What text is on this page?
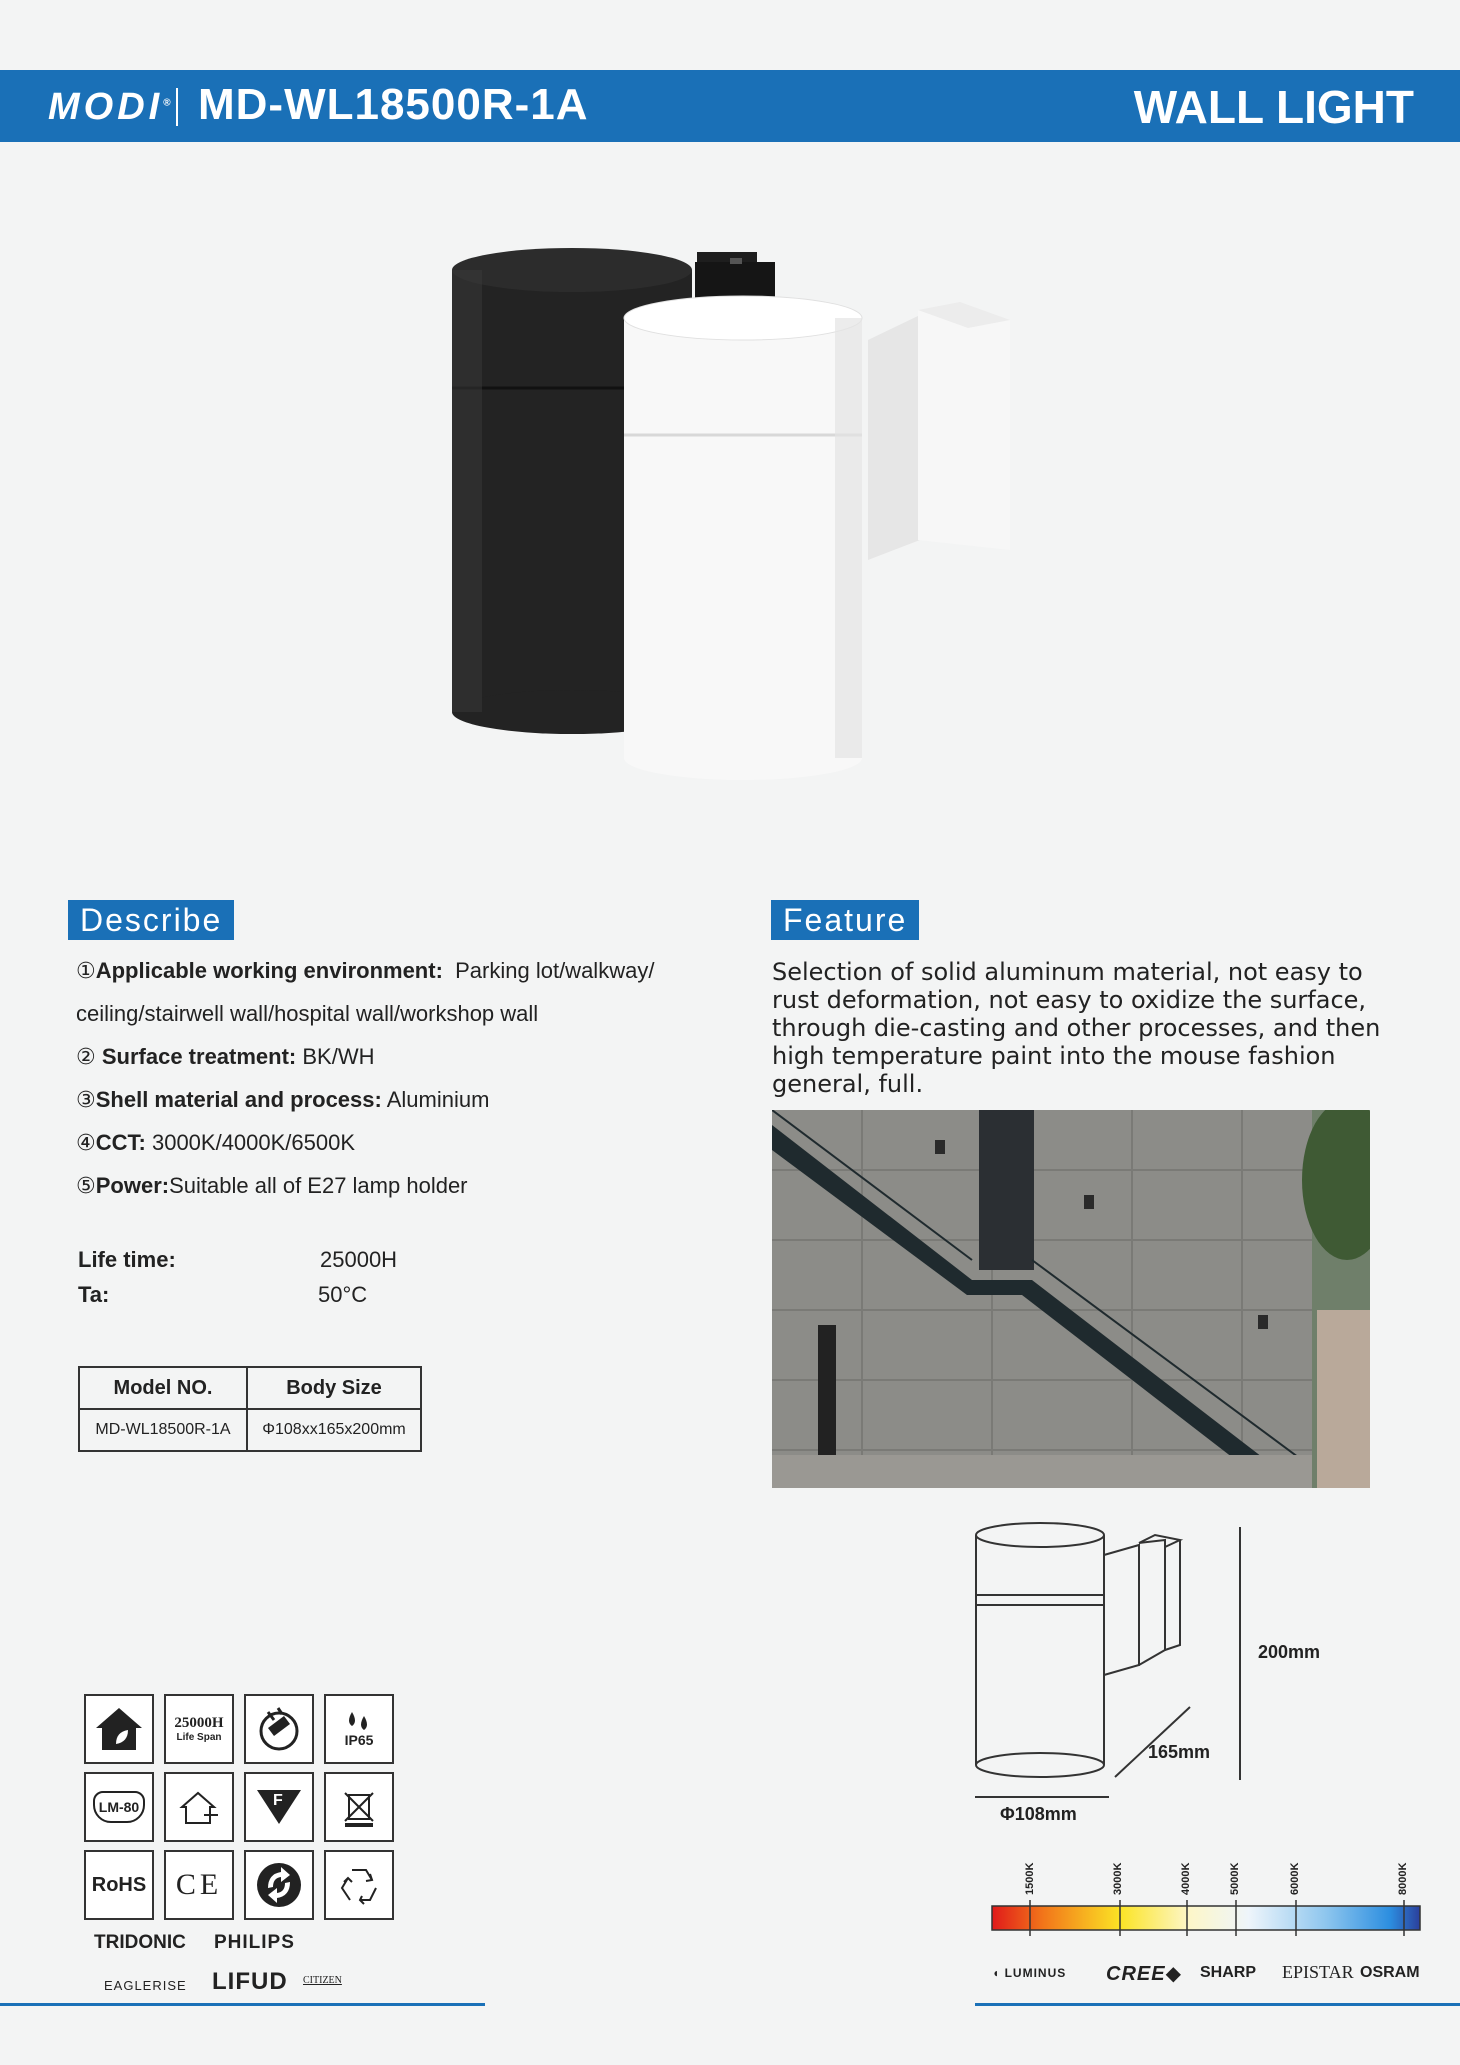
MODI® MD-WL18500R-1A	WALL LIGHT
Describe
①Applicable working environment: Parking lot/walkway/
ceiling/stairwell wall/hospital wall/workshop wall
② Surface treatment: BK/WH
③Shell material and process: Aluminium
④CCT: 3000K/4000K/6500K
⑤Power:Suitable all of E27 lamp holder
Life time:	25000H
Ta:	50°C
Model NO.	Body Size
MD-WL18500R-1A	Φ108xx165x200mm
Feature
Selection of solid aluminum material, not easy to rust deformation, not easy to oxidize the surface, through die-casting and other processes, and then high temperature paint into the mouse fashion general, full.
200mm
165mm
Φ108mm
1500K	3000K	4000K	5000K	6000K	8000K
◖ LUMINUS CREE◆ SHARP EPISTAR OSRAM
25000H
Life Span	IP65
LM-80	F
RoHS CE
TRIDONIC PHILIPS
EAGLERISE LIFUD CITIZEN
